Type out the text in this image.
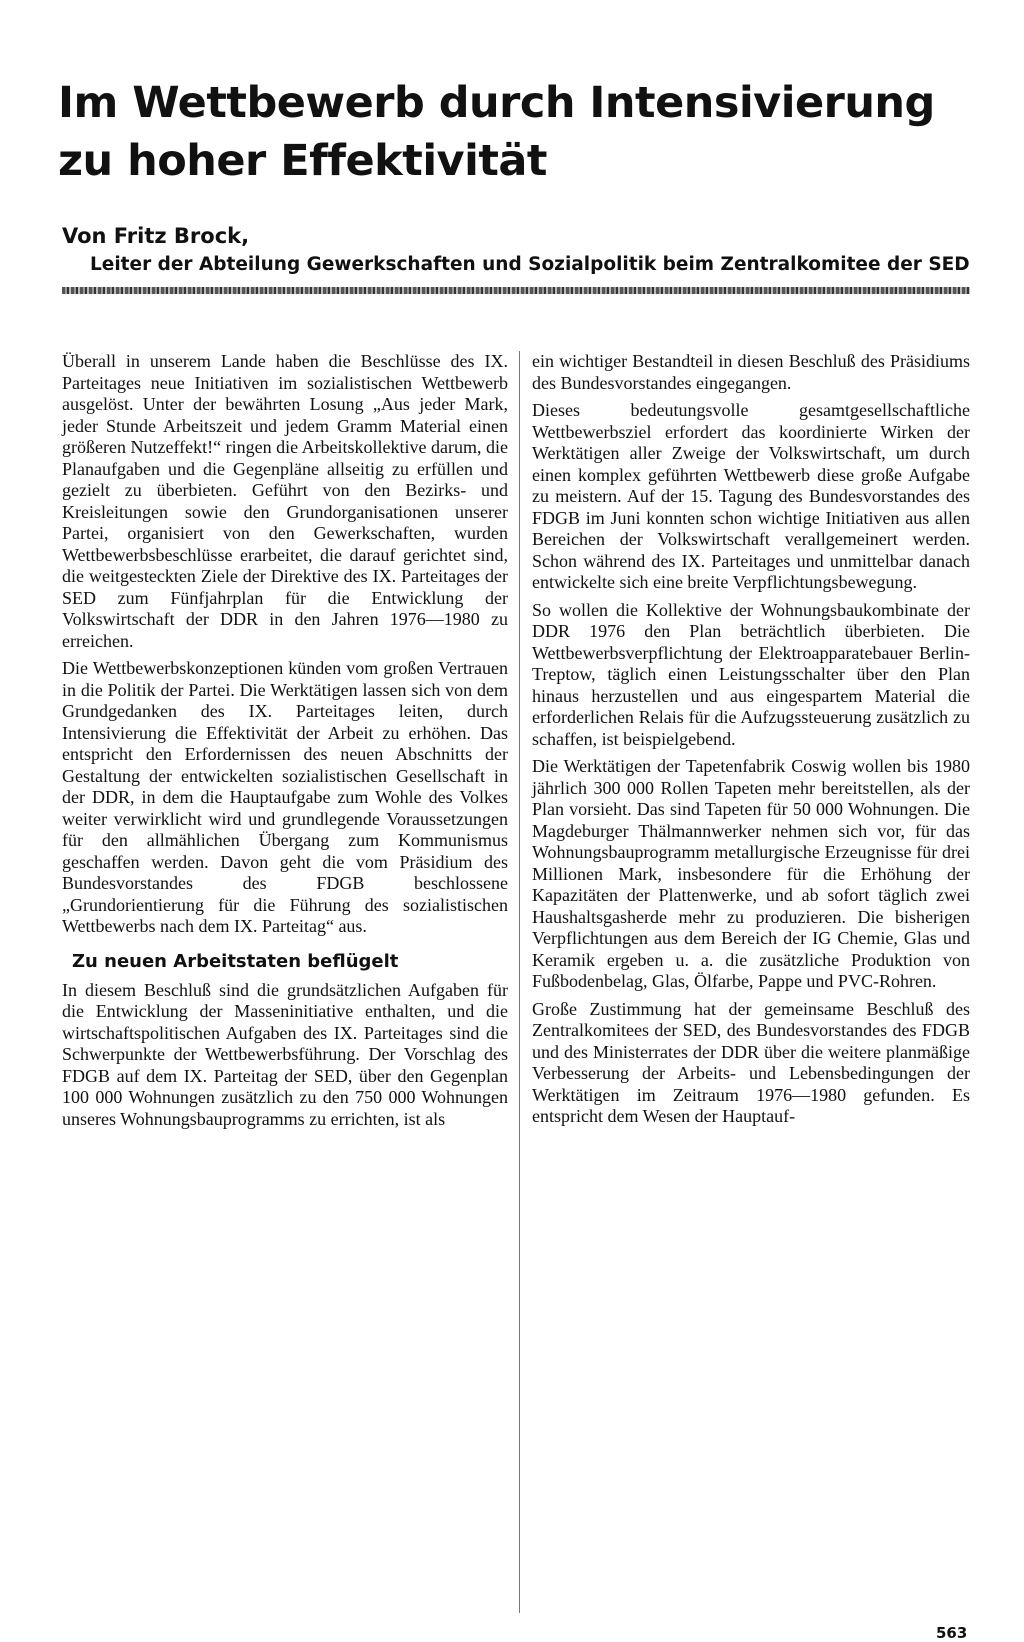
Im Wettbewerb durch Intensivierung
zu hoher Effektivität
Von Fritz Brock,
Leiter der Abteilung Gewerkschaften und Sozialpolitik beim Zentralkomitee der SED

Überall in unserem Lande haben die Beschlüsse des IX. Parteitages neue Initiativen im sozialistischen Wettbewerb ausgelöst. Unter der bewährten Losung „Aus jeder Mark, jeder Stunde Arbeitszeit und jedem Gramm Material einen größeren Nutzeffekt!“ ringen die Arbeitskollektive darum, die Planaufgaben und die Gegenpläne allseitig zu erfüllen und gezielt zu überbieten. Geführt von den Bezirks- und Kreisleitungen sowie den Grundorganisationen unserer Partei, organisiert von den Gewerkschaften, wurden Wettbewerbsbeschlüsse erarbeitet, die darauf gerichtet sind, die weitgesteckten Ziele der Direktive des IX. Parteitages der SED zum Fünfjahrplan für die Entwicklung der Volkswirtschaft der DDR in den Jahren 1976—1980 zu erreichen.

Die Wettbewerbskonzeptionen künden vom großen Vertrauen in die Politik der Partei. Die Werktätigen lassen sich von dem Grundgedanken des IX. Parteitages leiten, durch Intensivierung die Effektivität der Arbeit zu erhöhen. Das entspricht den Erfordernissen des neuen Abschnitts der Gestaltung der entwickelten sozialistischen Gesellschaft in der DDR, in dem die Hauptaufgabe zum Wohle des Volkes weiter verwirklicht wird und grundlegende Voraussetzungen für den allmählichen Übergang zum Kommunismus geschaffen werden. Davon geht die vom Präsidium des Bundesvorstandes des FDGB beschlossene „Grundorientierung für die Führung des sozialistischen Wettbewerbs nach dem IX. Parteitag“ aus.

Zu neuen Arbeitstaten beflügelt

In diesem Beschluß sind die grundsätzlichen Aufgaben für die Entwicklung der Masseninitiative enthalten, und die wirtschaftspolitischen Aufgaben des IX. Parteitages sind die Schwerpunkte der Wettbewerbsführung. Der Vorschlag des FDGB auf dem IX. Parteitag der SED, über den Gegenplan 100 000 Wohnungen zusätzlich zu den 750 000 Wohnungen unseres Wohnungsbauprogramms zu errichten, ist als

ein wichtiger Bestandteil in diesen Beschluß des Präsidiums des Bundesvorstandes eingegangen.

Dieses bedeutungsvolle gesamtgesellschaftliche Wettbewerbsziel erfordert das koordinierte Wirken der Werktätigen aller Zweige der Volkswirtschaft, um durch einen komplex geführten Wettbewerb diese große Aufgabe zu meistern. Auf der 15. Tagung des Bundesvorstandes des FDGB im Juni konnten schon wichtige Initiativen aus allen Bereichen der Volkswirtschaft verallgemeinert werden. Schon während des IX. Parteitages und unmittelbar danach entwickelte sich eine breite Verpflichtungsbewegung.

So wollen die Kollektive der Wohnungsbaukombinate der DDR 1976 den Plan beträchtlich überbieten. Die Wettbewerbsverpflichtung der Elektroapparatebauer Berlin-Treptow, täglich einen Leistungsschalter über den Plan hinaus herzustellen und aus eingespartem Material die erforderlichen Relais für die Aufzugssteuerung zusätzlich zu schaffen, ist beispielgebend.

Die Werktätigen der Tapetenfabrik Coswig wollen bis 1980 jährlich 300 000 Rollen Tapeten mehr bereitstellen, als der Plan vorsieht. Das sind Tapeten für 50 000 Wohnungen. Die Magdeburger Thälmannwerker nehmen sich vor, für das Wohnungsbauprogramm metallurgische Erzeugnisse für drei Millionen Mark, insbesondere für die Erhöhung der Kapazitäten der Plattenwerke, und ab sofort täglich zwei Haushaltsgasherde mehr zu produzieren. Die bisherigen Verpflichtungen aus dem Bereich der IG Chemie, Glas und Keramik ergeben u. a. die zusätzliche Produktion von Fußbodenbelag, Glas, Ölfarbe, Pappe und PVC-Rohren.

Große Zustimmung hat der gemeinsame Beschluß des Zentralkomitees der SED, des Bundesvorstandes des FDGB und des Ministerrates der DDR über die weitere planmäßige Verbesserung der Arbeits- und Lebensbedingungen der Werktätigen im Zeitraum 1976—1980 gefunden. Es entspricht dem Wesen der Hauptauf-

563
